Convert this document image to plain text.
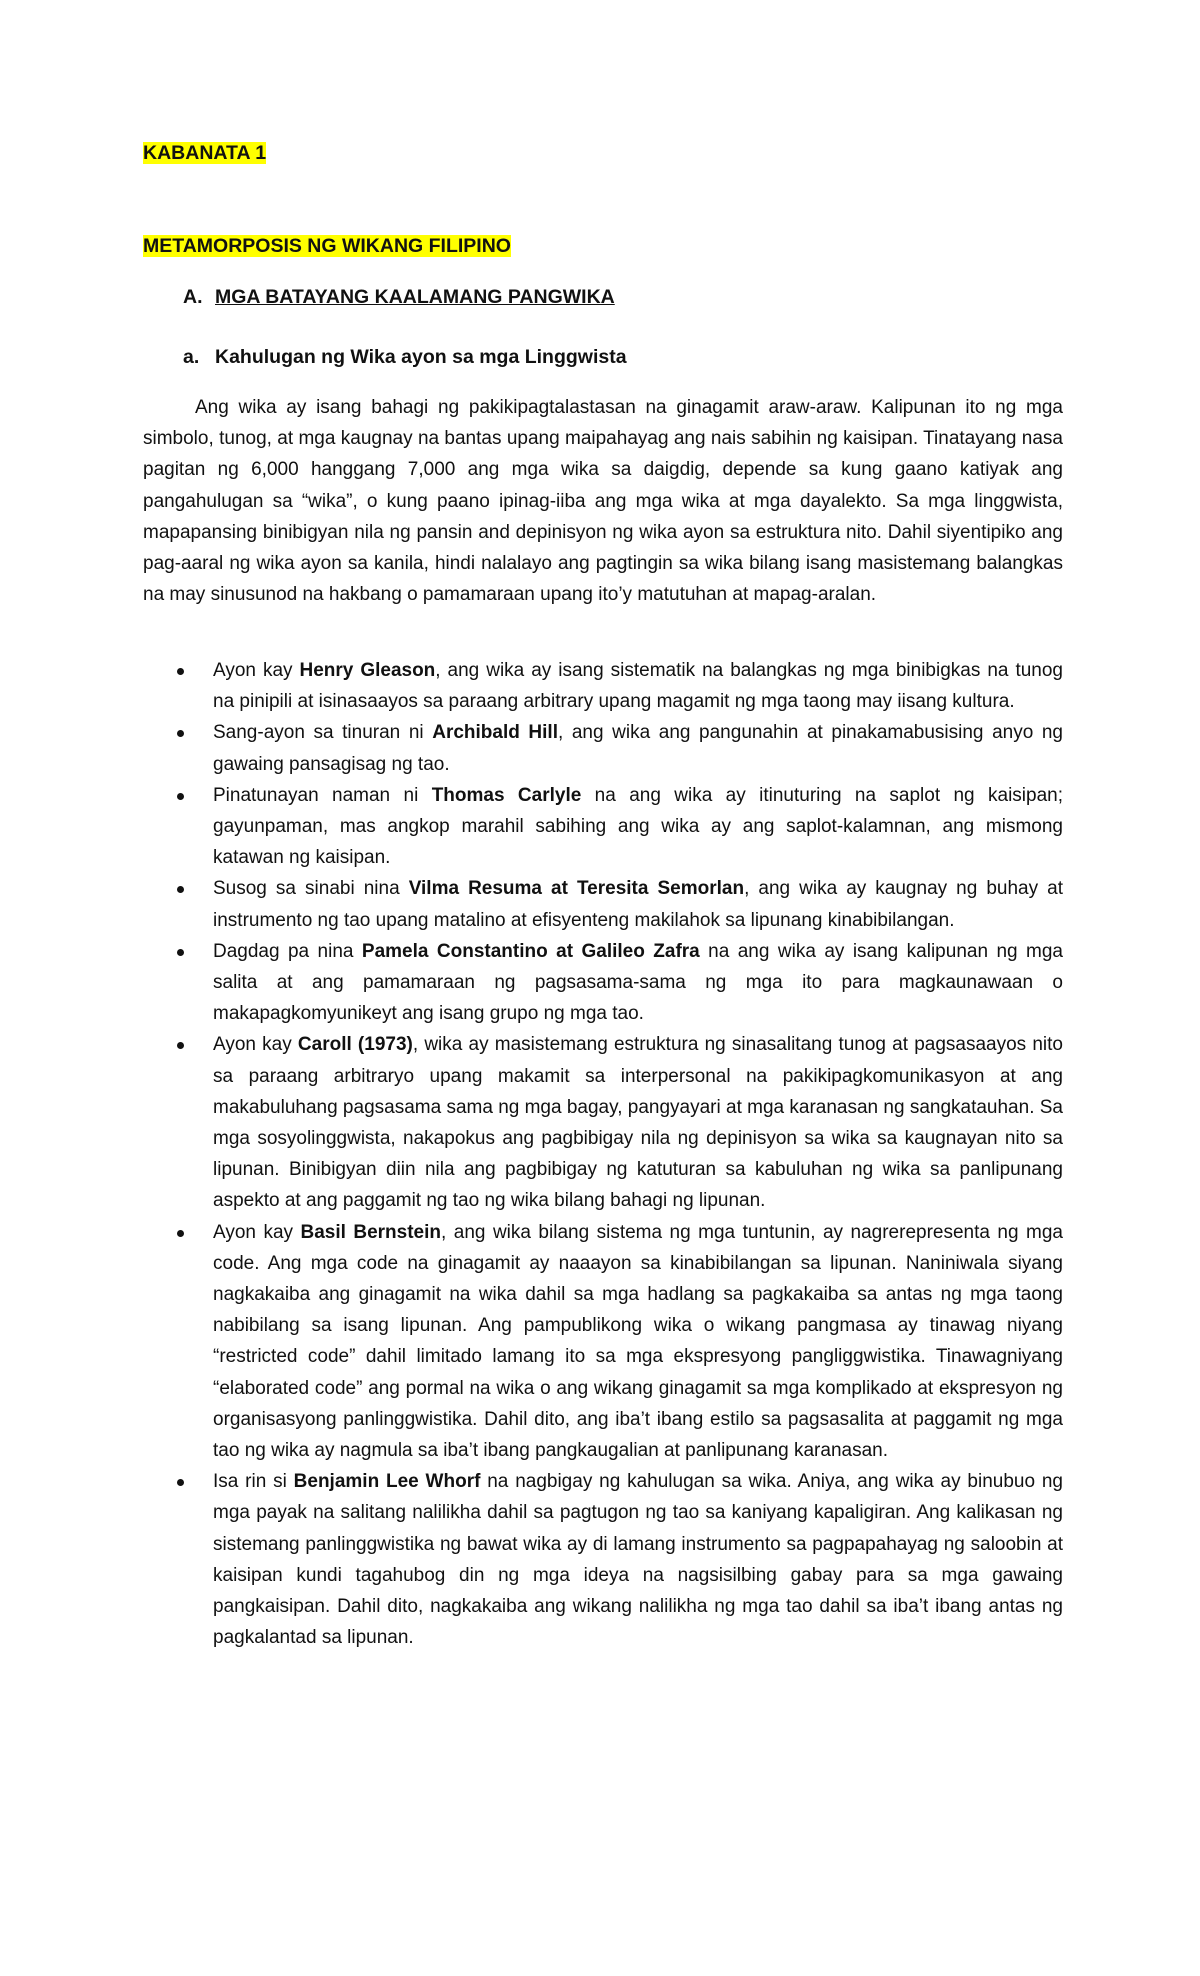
KABANATA 1

METAMORPOSIS NG WIKANG FILIPINO

A. MGA BATAYANG KAALAMANG PANGWIKA

a. Kahulugan ng Wika ayon sa mga Linggwista

Ang wika ay isang bahagi ng pakikipagtalastasan na ginagamit araw-araw. Kalipunan ito ng mga simbolo, tunog, at mga kaugnay na bantas upang maipahayag ang nais sabihin ng kaisipan. Tinatayang nasa pagitan ng 6,000 hanggang 7,000 ang mga wika sa daigdig, depende sa kung gaano katiyak ang pangahulugan sa “wika”, o kung paano ipinag-iiba ang mga wika at mga dayalekto. Sa mga linggwista, mapapansing binibigyan nila ng pansin and depinisyon ng wika ayon sa estruktura nito. Dahil siyentipiko ang pag-aaral ng wika ayon sa kanila, hindi nalalayo ang pagtingin sa wika bilang isang masistemang balangkas na may sinusunod na hakbang o pamamaraan upang ito’y matutuhan at mapag-aralan.

Ayon kay Henry Gleason, ang wika ay isang sistematik na balangkas ng mga binibigkas na tunog na pinipili at isinasaayos sa paraang arbitrary upang magamit ng mga taong may iisang kultura.
Sang-ayon sa tinuran ni Archibald Hill, ang wika ang pangunahin at pinakamabusising anyo ng gawaing pansagisag ng tao.
Pinatunayan naman ni Thomas Carlyle na ang wika ay itinuturing na saplot ng kaisipan; gayunpaman, mas angkop marahil sabihing ang wika ay ang saplot-kalamnan, ang mismong katawan ng kaisipan.
Susog sa sinabi nina Vilma Resuma at Teresita Semorlan, ang wika ay kaugnay ng buhay at instrumento ng tao upang matalino at efisyenteng makilahok sa lipunang kinabibilangan.
Dagdag pa nina Pamela Constantino at Galileo Zafra na ang wika ay isang kalipunan ng mga salita at ang pamamaraan ng pagsasama-sama ng mga ito para magkaunawaan o makapagkomyunikeyt ang isang grupo ng mga tao.
Ayon kay Caroll (1973), wika ay masistemang estruktura ng sinasalitang tunog at pagsasaayos nito sa paraang arbitraryo upang makamit sa interpersonal na pakikipagkomunikasyon at ang makabuluhang pagsasama sama ng mga bagay, pangyayari at mga karanasan ng sangkatauhan. Sa mga sosyolinggwista, nakapokus ang pagbibigay nila ng depinisyon sa wika sa kaugnayan nito sa lipunan. Binibigyan diin nila ang pagbibigay ng katuturan sa kabuluhan ng wika sa panlipunang aspekto at ang paggamit ng tao ng wika bilang bahagi ng lipunan.
Ayon kay Basil Bernstein, ang wika bilang sistema ng mga tuntunin, ay nagrerepresenta ng mga code. Ang mga code na ginagamit ay naaayon sa kinabibilangan sa lipunan. Naniniwala siyang nagkakaiba ang ginagamit na wika dahil sa mga hadlang sa pagkakaiba sa antas ng mga taong nabibilang sa isang lipunan. Ang pampublikong wika o wikang pangmasa ay tinawag niyang “restricted code” dahil limitado lamang ito sa mga ekspresyong pangliggwistika. Tinawagniyang “elaborated code” ang pormal na wika o ang wikang ginagamit sa mga komplikado at ekspresyon ng organisasyong panlinggwistika. Dahil dito, ang iba’t ibang estilo sa pagsasalita at paggamit ng mga tao ng wika ay nagmula sa iba’t ibang pangkaugalian at panlipunang karanasan.
Isa rin si Benjamin Lee Whorf na nagbigay ng kahulugan sa wika. Aniya, ang wika ay binubuo ng mga payak na salitang nalilikha dahil sa pagtugon ng tao sa kaniyang kapaligiran. Ang kalikasan ng sistemang panlinggwistika ng bawat wika ay di lamang instrumento sa pagpapahayag ng saloobin at kaisipan kundi tagahubog din ng mga ideya na nagsisilbing gabay para sa mga gawaing pangkaisipan. Dahil dito, nagkakaiba ang wikang nalilikha ng mga tao dahil sa iba’t ibang antas ng pagkalantad sa lipunan.
